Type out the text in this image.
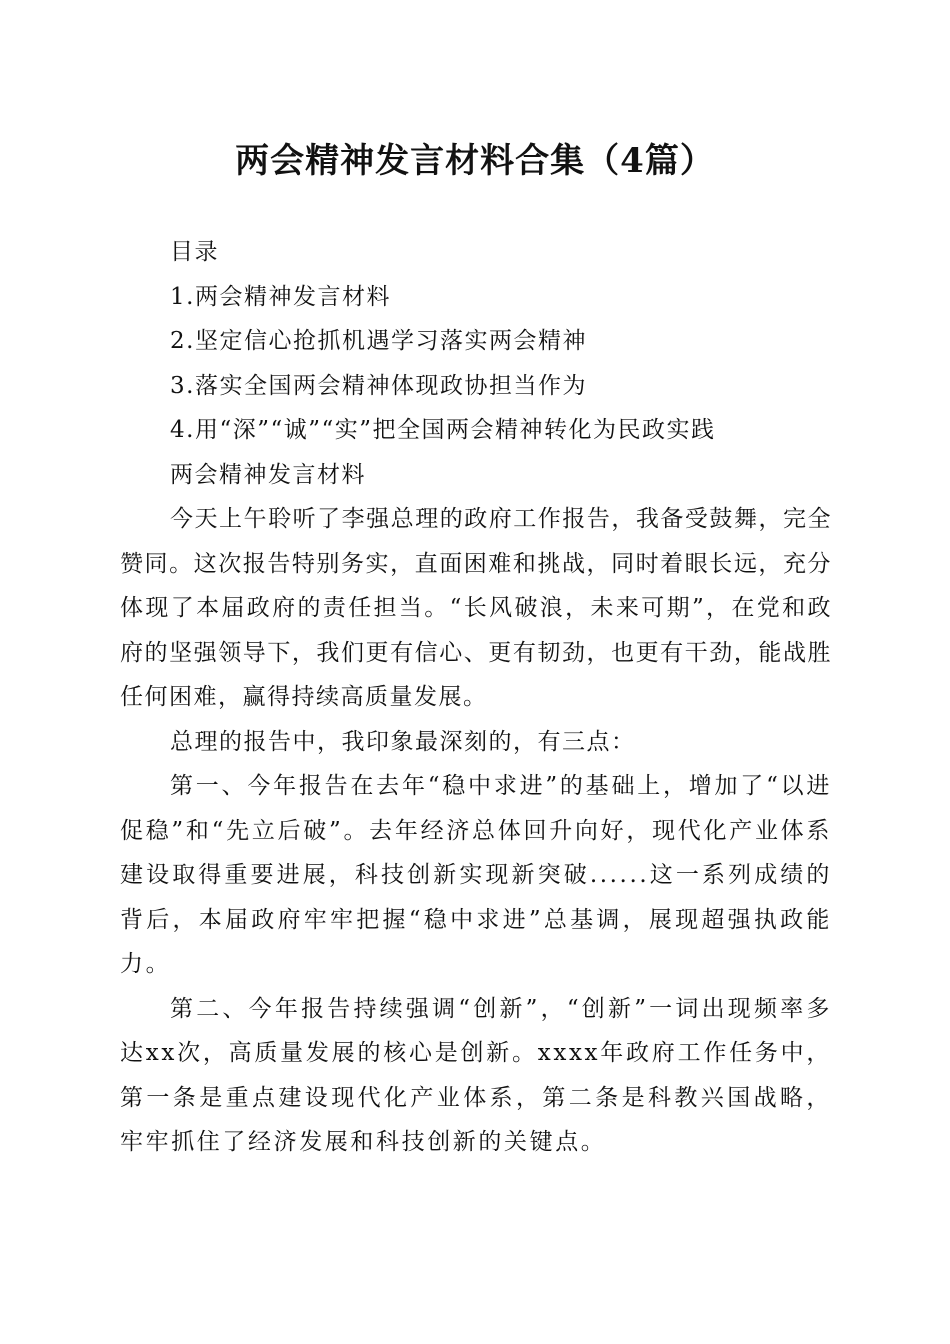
两会精神发言材料合集（4篇）
目录
1.两会精神发言材料
2.坚定信心抢抓机遇学习落实两会精神
3.落实全国两会精神体现政协担当作为
4.用“深”“诚”“实”把全国两会精神转化为民政实践
两会精神发言材料

今天上午聆听了李强总理的政府工作报告，我备受鼓舞，完全赞同。这次报告特别务实，直面困难和挑战，同时着眼长远，充分体现了本届政府的责任担当。“长风破浪，未来可期”，在党和政府的坚强领导下，我们更有信心、更有韧劲，也更有干劲，能战胜任何困难，赢得持续高质量发展。

总理的报告中，我印象最深刻的，有三点：

第一、今年报告在去年“稳中求进”的基础上，增加了“以进促稳”和“先立后破”。去年经济总体回升向好，现代化产业体系建设取得重要进展，科技创新实现新突破......这一系列成绩的背后，本届政府牢牢把握“稳中求进”总基调，展现超强执政能力。

第二、今年报告持续强调“创新”，“创新”一词出现频率多达xx次，高质量发展的核心是创新。xxxx年政府工作任务中，第一条是重点建设现代化产业体系，第二条是科教兴国战略，牢牢抓住了经济发展和科技创新的关键点。
